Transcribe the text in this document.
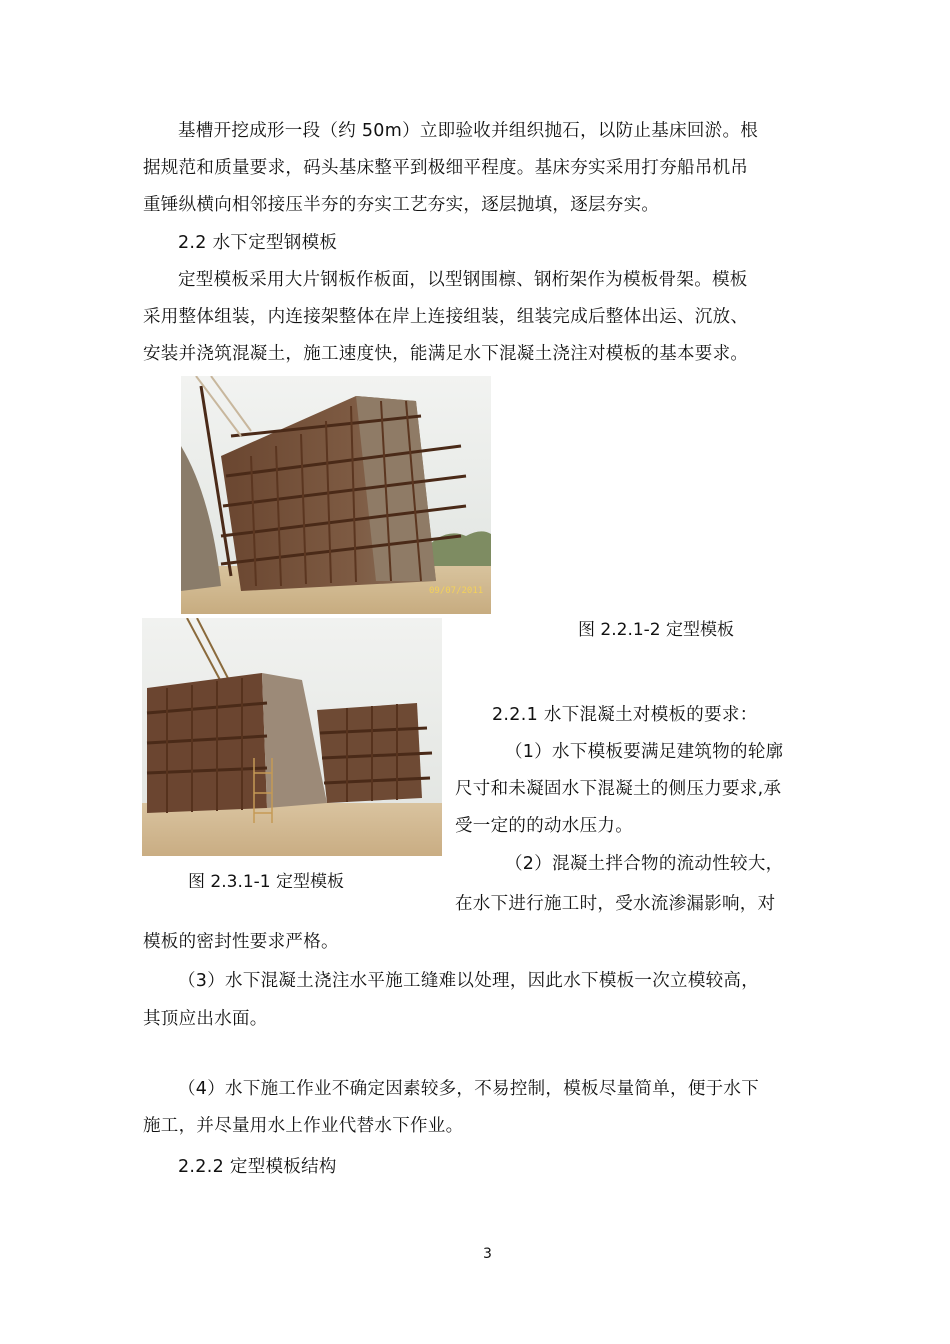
基槽开挖成形一段（约 50m）立即验收并组织抛石，以防止基床回淤。根
据规范和质量要求，码头基床整平到极细平程度。基床夯实采用打夯船吊机吊
重锤纵横向相邻接压半夯的夯实工艺夯实，逐层抛填，逐层夯实。
2.2 水下定型钢模板
定型模板采用大片钢板作板面，以型钢围檩、钢桁架作为模板骨架。模板
采用整体组装，内连接架整体在岸上连接组装，组装完成后整体出运、沉放、
安装并浇筑混凝土，施工速度快，能满足水下混凝土浇注对模板的基本要求。
09/07/2011
图 2.2.1-2 定型模板
图 2.3.1-1 定型模板
2.2.1 水下混凝土对模板的要求：
（1）水下模板要满足建筑物的轮廓
尺寸和未凝固水下混凝土的侧压力要求,承
受一定的的动水压力。
（2）混凝土拌合物的流动性较大，
在水下进行施工时，受水流渗漏影响，对
模板的密封性要求严格。
（3）水下混凝土浇注水平施工缝难以处理，因此水下模板一次立模较高，
其顶应出水面。
（4）水下施工作业不确定因素较多，不易控制，模板尽量简单，便于水下
施工，并尽量用水上作业代替水下作业。
2.2.2 定型模板结构
3
